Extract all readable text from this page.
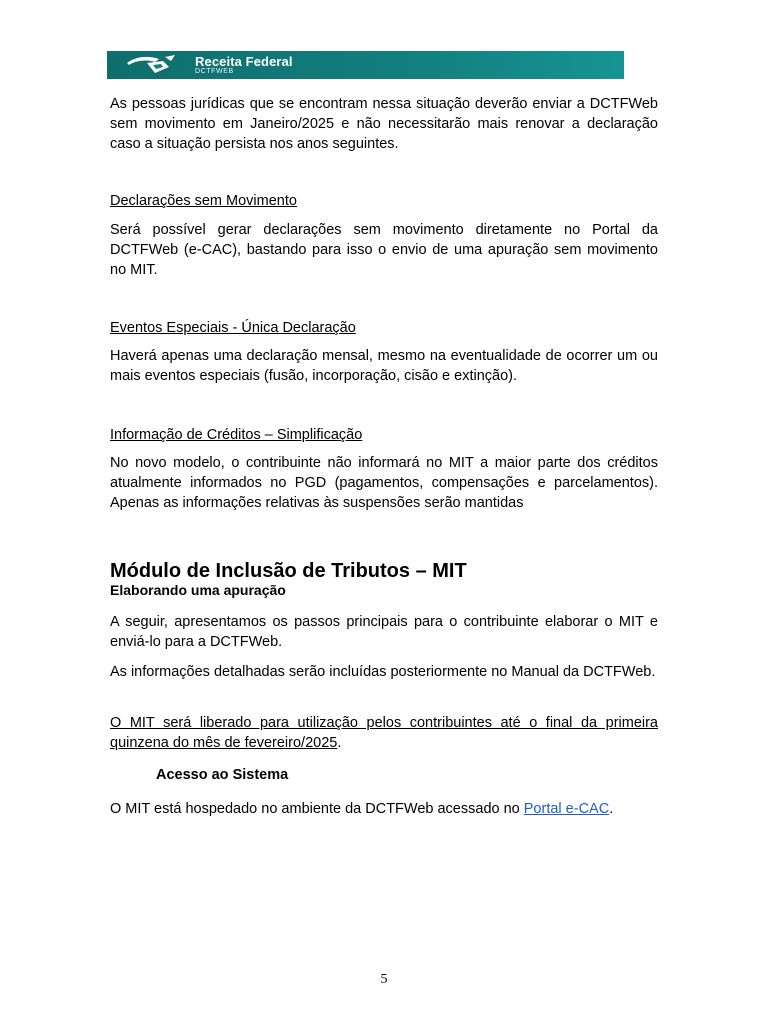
Receita Federal
DCTFWEB

As pessoas jurídicas que se encontram nessa situação deverão enviar a DCTFWeb sem movimento em Janeiro/2025 e não necessitarão mais renovar a declaração caso a situação persista nos anos seguintes.

Declarações sem Movimento

Será possível gerar declarações sem movimento diretamente no Portal da DCTFWeb (e-CAC), bastando para isso o envio de uma apuração sem movimento no MIT.

Eventos Especiais - Única Declaração

Haverá apenas uma declaração mensal, mesmo na eventualidade de ocorrer um ou mais eventos especiais (fusão, incorporação, cisão e extinção).

Informação de Créditos – Simplificação

No novo modelo, o contribuinte não informará no MIT a maior parte dos créditos atualmente informados no PGD (pagamentos, compensações e parcelamentos). Apenas as informações relativas às suspensões serão mantidas

Módulo de Inclusão de Tributos – MIT
Elaborando uma apuração

A seguir, apresentamos os passos principais para o contribuinte elaborar o MIT e enviá-lo para a DCTFWeb.

As informações detalhadas serão incluídas posteriormente no Manual da DCTFWeb.

O MIT será liberado para utilização pelos contribuintes até o final da primeira quinzena do mês de fevereiro/2025.

Acesso ao Sistema

O MIT está hospedado no ambiente da DCTFWeb acessado no Portal e-CAC.

5
